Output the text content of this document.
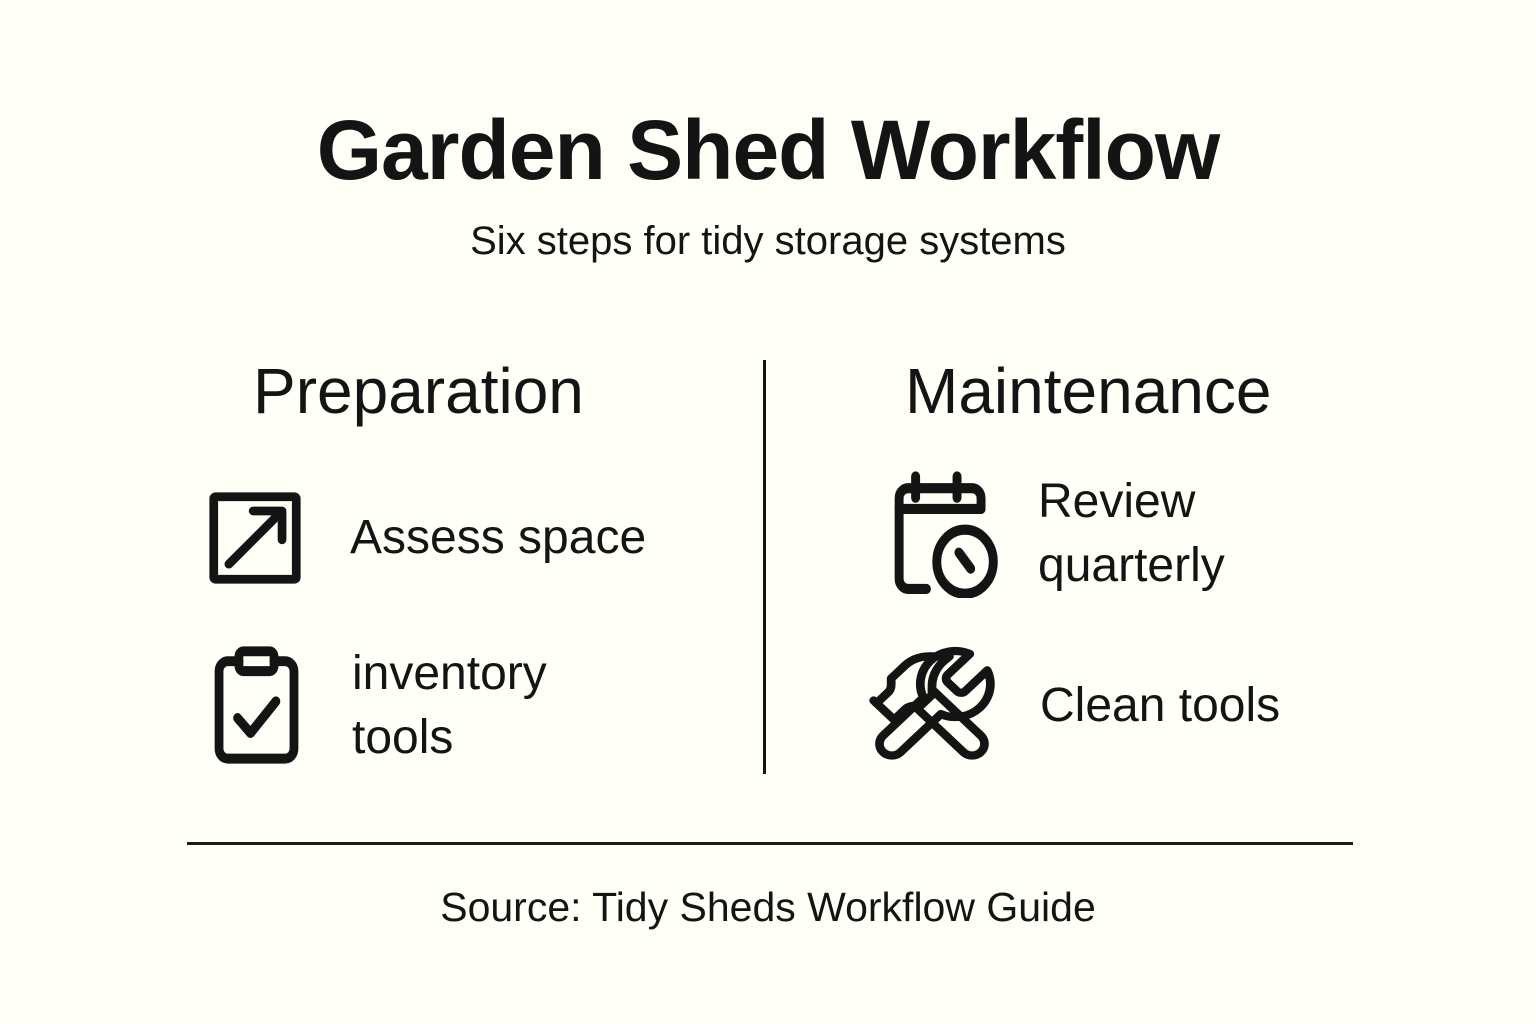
Garden Shed Workflow
Six steps for tidy storage systems
Preparation	Maintenance
Assess space
inventory tools
Review quarterly
Clean tools
Source: Tidy Sheds Workflow Guide
